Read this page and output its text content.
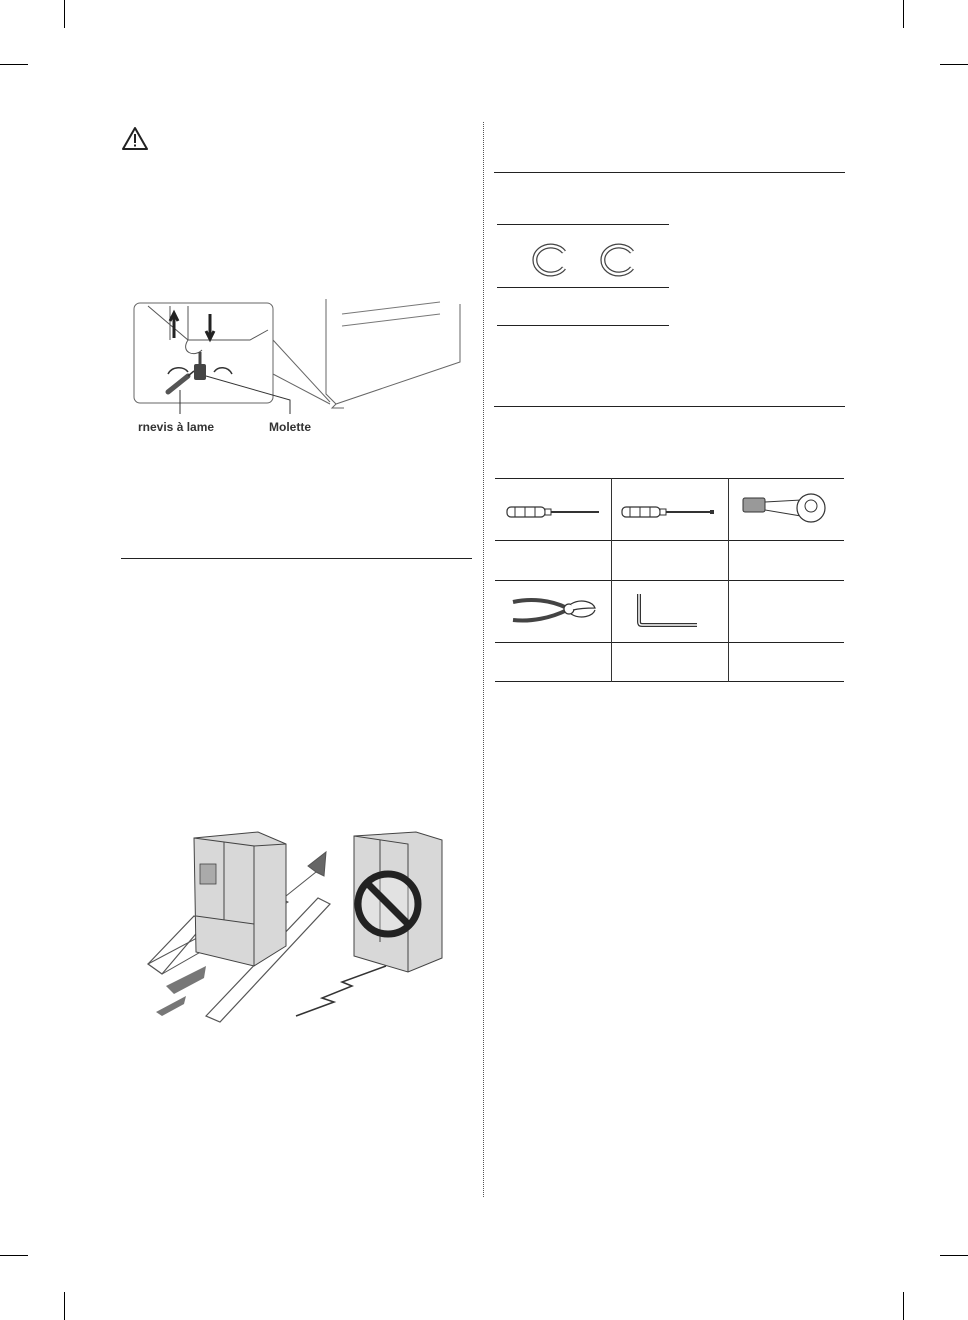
rnevis à lame	Molette
